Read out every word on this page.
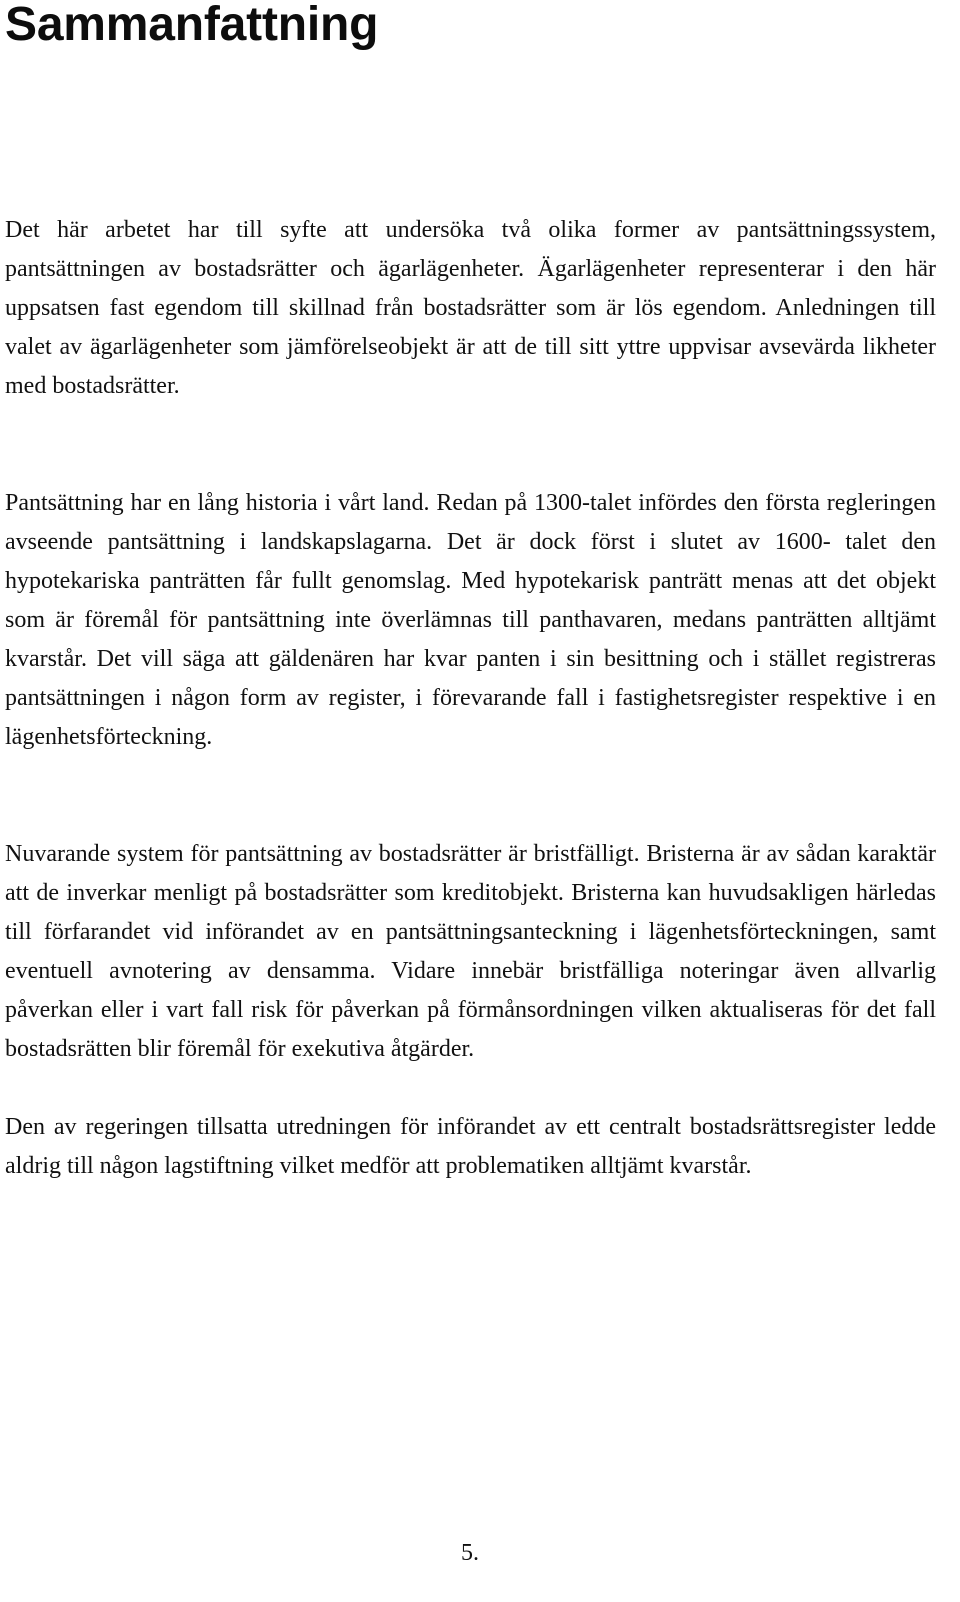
Sammanfattning

Det här arbetet har till syfte att undersöka två olika former av pantsättningssystem, pantsättningen av bostadsrätter och ägarlägenheter. Ägarlägenheter representerar i den här uppsatsen fast egendom till skillnad från bostadsrätter som är lös egendom. Anledningen till valet av ägarlägenheter som jämförelseobjekt är att de till sitt yttre uppvisar avsevärda likheter med bostadsrätter.

Pantsättning har en lång historia i vårt land. Redan på 1300-talet infördes den första regleringen avseende pantsättning i landskapslagarna. Det är dock först i slutet av 1600- talet den hypotekariska panträtten får fullt genomslag. Med hypotekarisk panträtt menas att det objekt som är föremål för pantsättning inte överlämnas till panthavaren, medans panträtten alltjämt kvarstår. Det vill säga att gäldenären har kvar panten i sin besittning och i stället registreras pantsättningen i någon form av register, i förevarande fall i fastighetsregister respektive i en lägenhetsförteckning.

Nuvarande system för pantsättning av bostadsrätter är bristfälligt. Bristerna är av sådan karaktär att de inverkar menligt på bostadsrätter som kreditobjekt. Bristerna kan huvudsakligen härledas till förfarandet vid införandet av en pantsättningsanteckning i lägenhetsförteckningen, samt eventuell avnotering av densamma. Vidare innebär bristfälliga noteringar även allvarlig påverkan eller i vart fall risk för påverkan på förmånsordningen vilken aktualiseras för det fall bostadsrätten blir föremål för exekutiva åtgärder.

Den av regeringen tillsatta utredningen för införandet av ett centralt bostadsrättsregister ledde aldrig till någon lagstiftning vilket medför att problematiken alltjämt kvarstår.

5.
